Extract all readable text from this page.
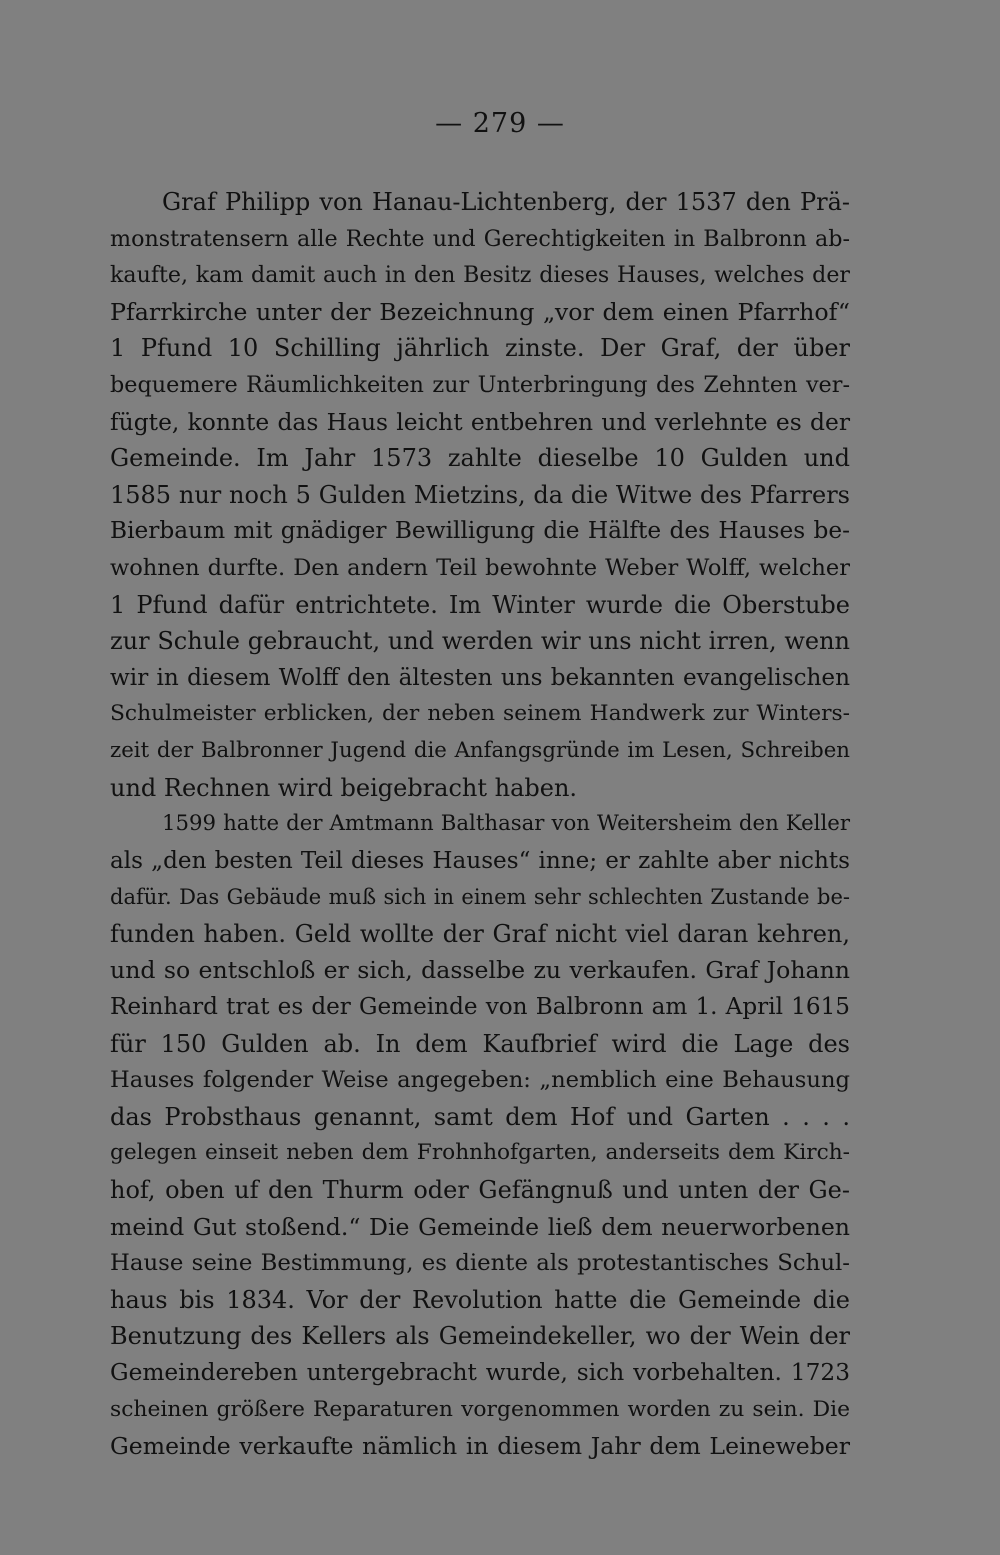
— 279 —
Graf Philipp von Hanau-Lichtenberg, der 1537 den Prä-
monstratensern alle Rechte und Gerechtigkeiten in Balbronn ab-
kaufte, kam damit auch in den Besitz dieses Hauses, welches der
Pfarrkirche unter der Bezeichnung „vor dem einen Pfarrhof“
1 Pfund 10 Schilling jährlich zinste. Der Graf, der über
bequemere Räumlichkeiten zur Unterbringung des Zehnten ver-
fügte, konnte das Haus leicht entbehren und verlehnte es der
Gemeinde. Im Jahr 1573 zahlte dieselbe 10 Gulden und
1585 nur noch 5 Gulden Mietzins, da die Witwe des Pfarrers
Bierbaum mit gnädiger Bewilligung die Hälfte des Hauses be-
wohnen durfte. Den andern Teil bewohnte Weber Wolff, welcher
1 Pfund dafür entrichtete. Im Winter wurde die Oberstube
zur Schule gebraucht, und werden wir uns nicht irren, wenn
wir in diesem Wolff den ältesten uns bekannten evangelischen
Schulmeister erblicken, der neben seinem Handwerk zur Winters-
zeit der Balbronner Jugend die Anfangsgründe im Lesen, Schreiben
und Rechnen wird beigebracht haben.
1599 hatte der Amtmann Balthasar von Weitersheim den Keller
als „den besten Teil dieses Hauses“ inne; er zahlte aber nichts
dafür. Das Gebäude muß sich in einem sehr schlechten Zustande be-
funden haben. Geld wollte der Graf nicht viel daran kehren,
und so entschloß er sich, dasselbe zu verkaufen. Graf Johann
Reinhard trat es der Gemeinde von Balbronn am 1. April 1615
für 150 Gulden ab. In dem Kaufbrief wird die Lage des
Hauses folgender Weise angegeben: „nemblich eine Behausung
das Probsthaus genannt, samt dem Hof und Garten . . . .
gelegen einseit neben dem Frohnhofgarten, anderseits dem Kirch-
hof, oben uf den Thurm oder Gefängnuß und unten der Ge-
meind Gut stoßend.“ Die Gemeinde ließ dem neuerworbenen
Hause seine Bestimmung, es diente als protestantisches Schul-
haus bis 1834. Vor der Revolution hatte die Gemeinde die
Benutzung des Kellers als Gemeindekeller, wo der Wein der
Gemeindereben untergebracht wurde, sich vorbehalten. 1723
scheinen größere Reparaturen vorgenommen worden zu sein. Die
Gemeinde verkaufte nämlich in diesem Jahr dem Leineweber
